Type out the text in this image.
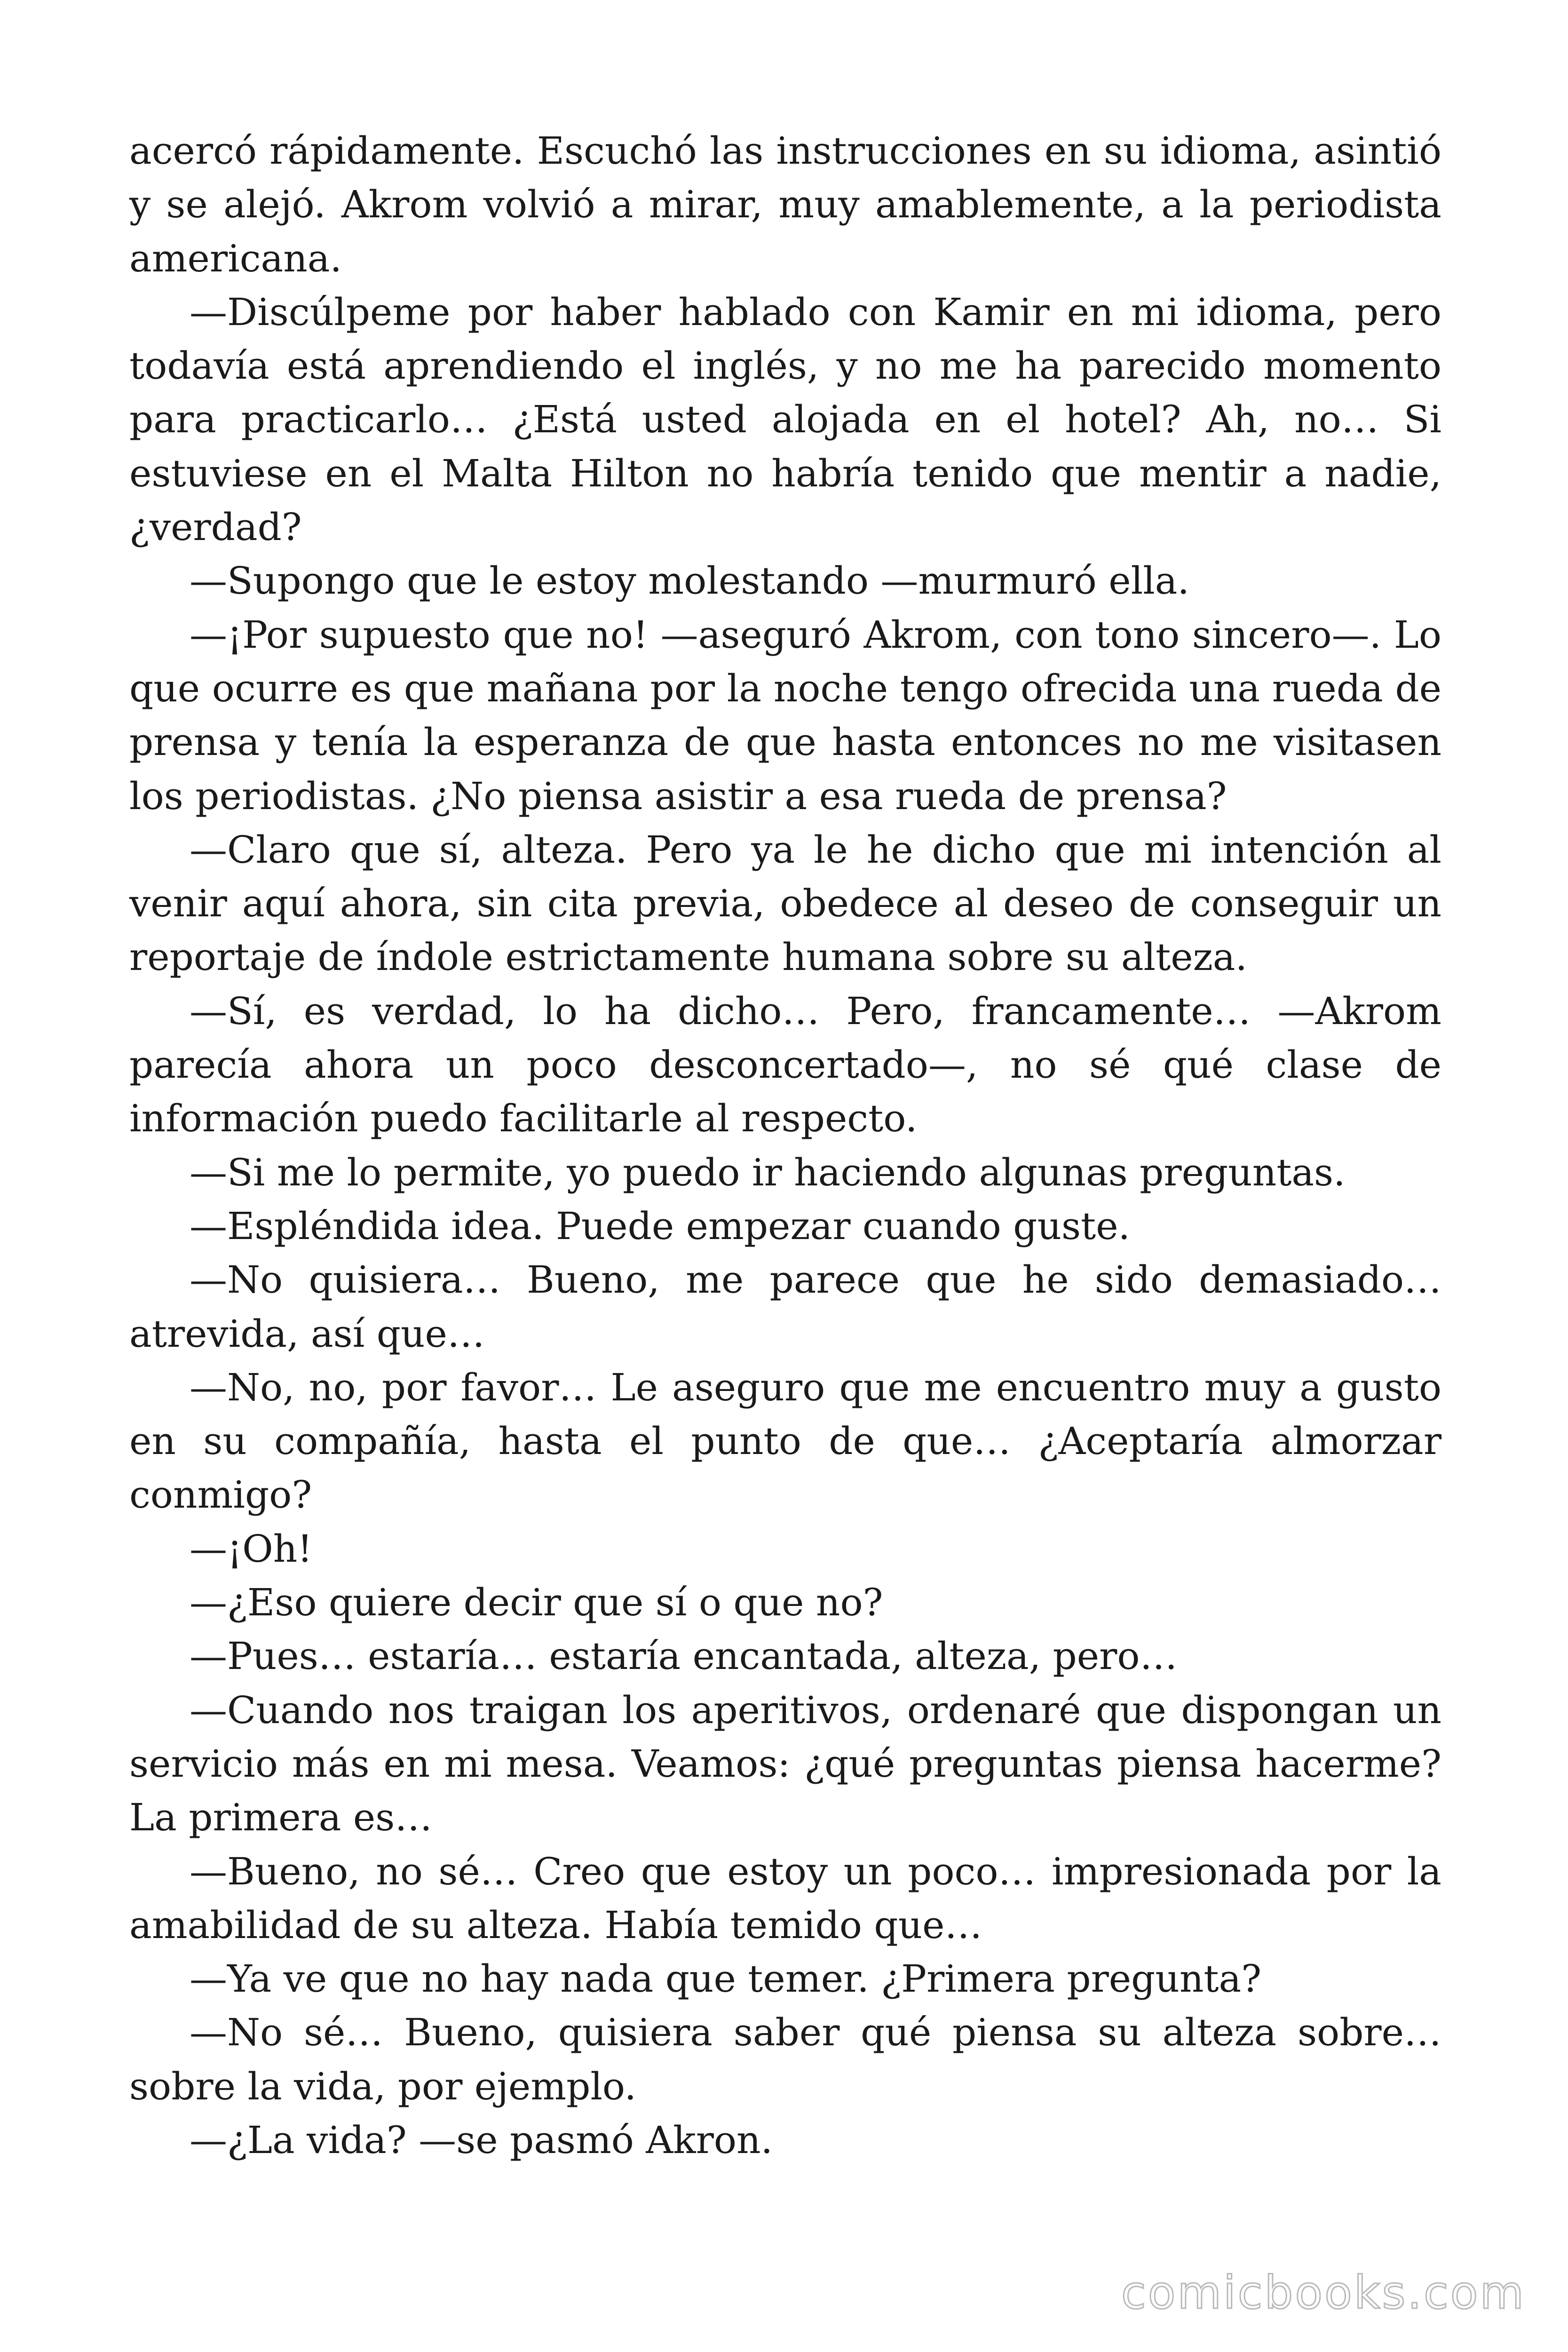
acercó rápidamente. Escuchó las instrucciones en su idioma, asintió y se alejó. Akrom volvió a mirar, muy amablemente, a la periodista americana.

—Discúlpeme por haber hablado con Kamir en mi idioma, pero todavía está aprendiendo el inglés, y no me ha parecido momento para practicarlo… ¿Está usted alojada en el hotel? Ah, no… Si estuviese en el Malta Hilton no habría tenido que mentir a nadie, ¿verdad?

—Supongo que le estoy molestando —murmuró ella.

—¡Por supuesto que no! —aseguró Akrom, con tono sincero—. Lo que ocurre es que mañana por la noche tengo ofrecida una rueda de prensa y tenía la esperanza de que hasta entonces no me visitasen los periodistas. ¿No piensa asistir a esa rueda de prensa?

—Claro que sí, alteza. Pero ya le he dicho que mi intención al venir aquí ahora, sin cita previa, obedece al deseo de conseguir un reportaje de índole estrictamente humana sobre su alteza.

—Sí, es verdad, lo ha dicho… Pero, francamente… —Akrom parecía ahora un poco desconcertado—, no sé qué clase de información puedo facilitarle al respecto.

—Si me lo permite, yo puedo ir haciendo algunas preguntas.

—Espléndida idea. Puede empezar cuando guste.

—No quisiera… Bueno, me parece que he sido demasiado… atrevida, así que…

—No, no, por favor… Le aseguro que me encuentro muy a gusto en su compañía, hasta el punto de que… ¿Aceptaría almorzar conmigo?

—¡Oh!

—¿Eso quiere decir que sí o que no?

—Pues… estaría… estaría encantada, alteza, pero…

—Cuando nos traigan los aperitivos, ordenaré que dispongan un servicio más en mi mesa. Veamos: ¿qué preguntas piensa hacerme? La primera es…

—Bueno, no sé… Creo que estoy un poco… impresionada por la amabilidad de su alteza. Había temido que…

—Ya ve que no hay nada que temer. ¿Primera pregunta?

—No sé… Bueno, quisiera saber qué piensa su alteza sobre… sobre la vida, por ejemplo.

—¿La vida? —se pasmó Akron.

comicbooks.com
